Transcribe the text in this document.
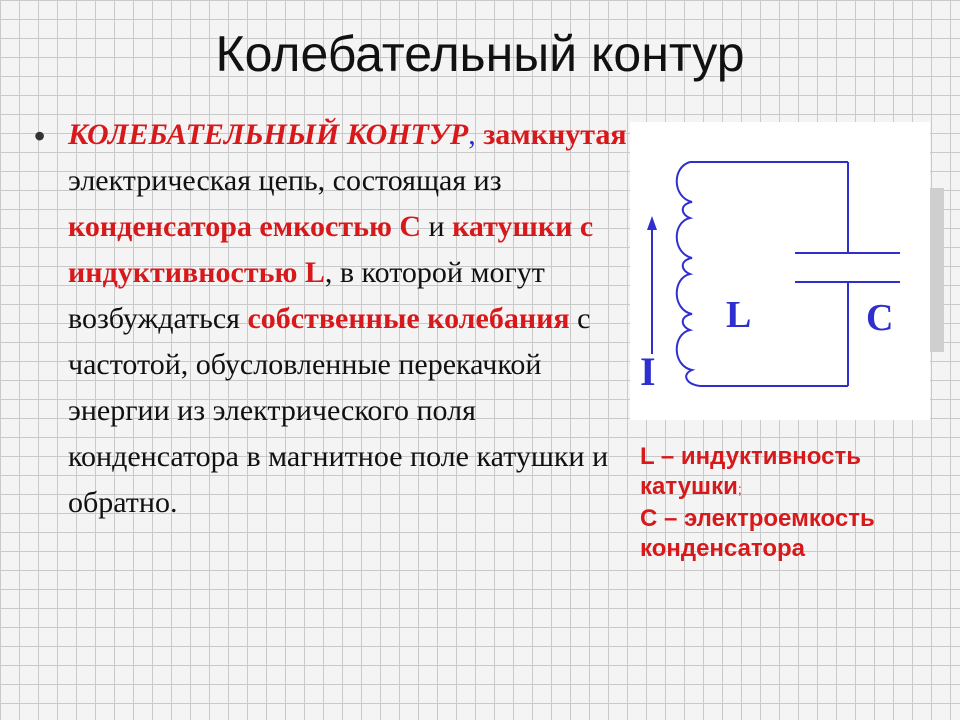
Колебательный контур
• КОЛЕБАТЕЛЬНЫЙ КОНТУР, замкнутая электрическая цепь, состоящая из конденсатора емкостью С и катушки с индуктивностью L, в которой могут возбуждаться собственные колебания с частотой, обусловленные перекачкой энергии из электрического поля конденсатора в магнитное поле катушки и обратно.
L	C
I
L – индуктивность катушки;
С – электроемкость конденсатора
